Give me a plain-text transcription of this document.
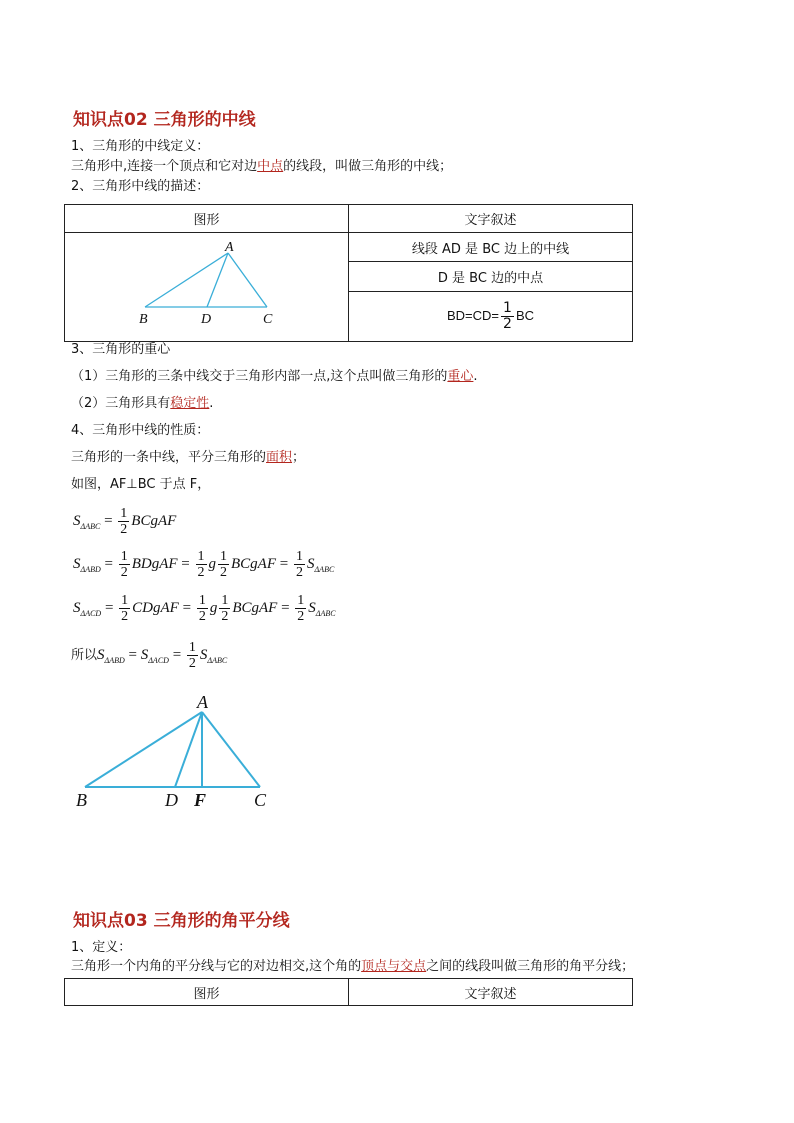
知识点02 三角形的中线
1、三角形的中线定义：
三角形中,连接一个顶点和它对边中点的线段，叫做三角形的中线；
2、三角形中线的描述：
图形	文字叙述

A
B D C	线段 AD 是 BC 边上的中线
	D 是 BC 边的中点
	$BD=CD= \frac{1}{2}$ BC
3、三角形的重心
（1）三角形的三条中线交于三角形内部一点,这个点叫做三角形的重心.
（2）三角形具有稳定性.
4、三角形中线的性质：
三角形的一条中线，平分三角形的面积；
如图，AF⊥BC 于点 F，
$S_{\Delta ABC} = \frac{1}{2}$ BCgAF
$S_{\Delta ABD} = \frac{1}{2}$ BDgAF = $\frac{1}{2}$ g $\frac{1}{2}$ BCgAF = $\frac{1}{2} S_{\Delta ABC}$
$S_{\Delta ACD} = \frac{1}{2}$ CDgAF = $\frac{1}{2}$ g $\frac{1}{2}$ BCgAF = $\frac{1}{2} S_{\Delta ABC}$
所以$S_{\Delta ABD} = S_{\Delta ACD} = \frac{1}{2} S_{\Delta ABC}$
A
B	D F	C
知识点03 三角形的角平分线
1、定义：
三角形一个内角的平分线与它的对边相交,这个角的顶点与交点之间的线段叫做三角形的角平分线；
图形	文字叙述
